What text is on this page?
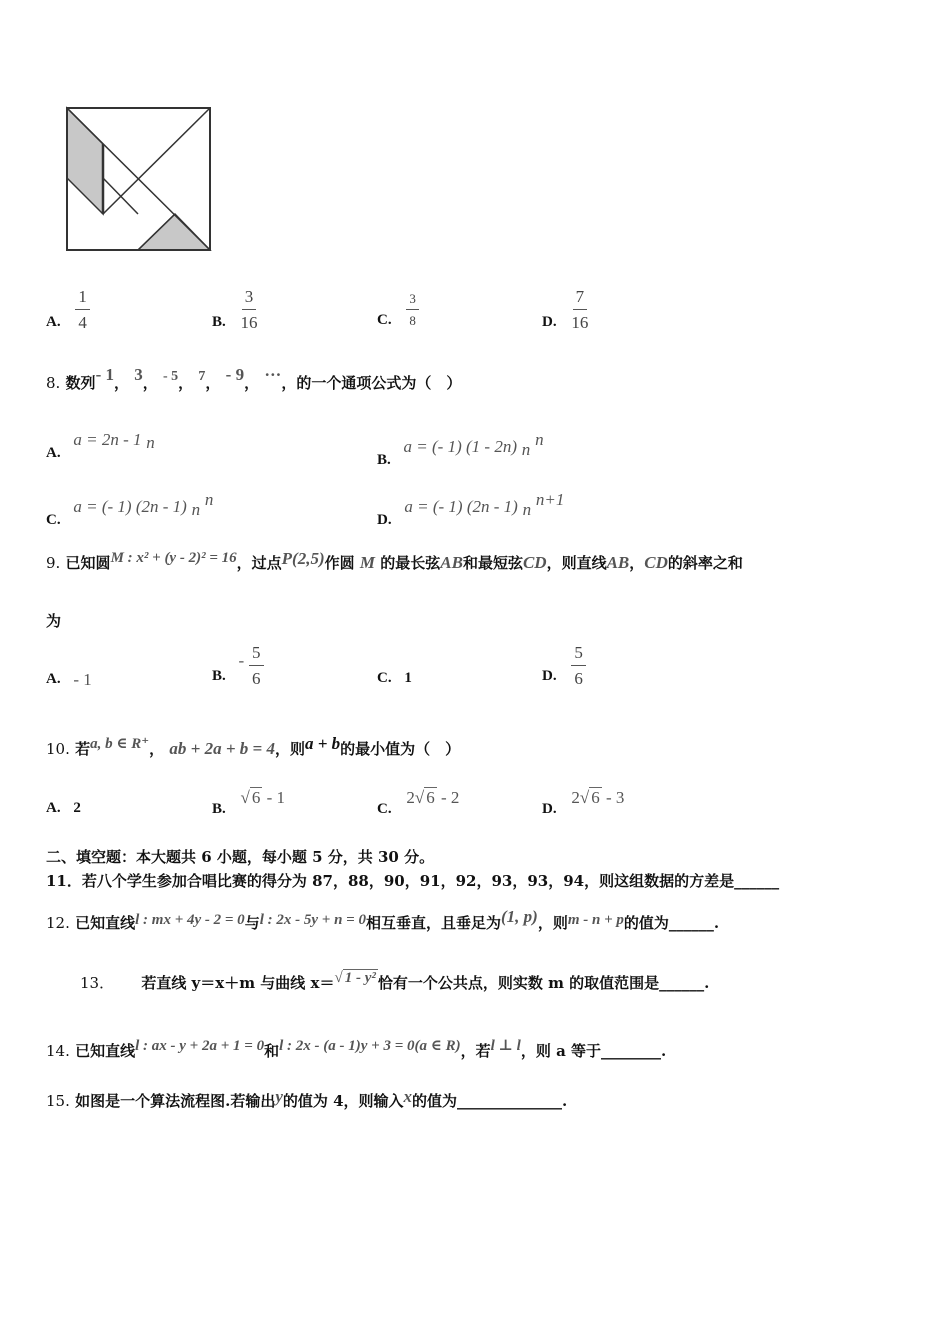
A. $\frac{1}{4}$	B. $\frac{3}{16}$	C. $\frac{3}{8}$	D. $\frac{7}{16}$
8. 数列- 1， 3， - 5， 7， - 9， ···，的一个通项公式为（　）
A. a = 2n - 1 $_n$
B. a = (- 1) (1 - 2n) $_n$ $^n$
C. a = (- 1) (2n - 1) $_n$ $^n$
D. a = (- 1) (2n - 1) $_n$ $^{n+1}$
9. 已知圆M : x² + (y - 2)² = 16，过点P(2,5)作圆 M 的最长弦AB和最短弦CD，则直线AB，CD的斜率之和
为
A. - 1	B. - $\frac{5}{6}$	C. 1	D. $\frac{5}{6}$
10. 若a, b ∈ R⁺， ab + 2a + b = 4，则a + b的最小值为（　）
A. 2	B. √ 6 - 1
C. 2√ 6 - 2
D. 2√ 6 - 3
二、填空题：本大题共 6 小题，每小题 5 分，共 30 分。
11．若八个学生参加合唱比赛的得分为 87，88，90，91，92，93，93，94，则这组数据的方差是______
12. 已知直线l : mx + 4y - 2 = 0与l : 2x - 5y + n = 0相互垂直，且垂足为(1, p)，则m - n + p的值为______.
13． 若直线 y＝x＋m 与曲线 x＝√ 1 - y² 恰有一个公共点，则实数 m 的取值范围是______.
14. 已知直线l : ax - y + 2a + 1 = 0和l : 2x - (a - 1)y + 3 = 0(a ∈ R)，若l ⊥ l，则 a 等于________.
15. 如图是一个算法流程图.若输出y的值为 4，则输入x的值为______________.
